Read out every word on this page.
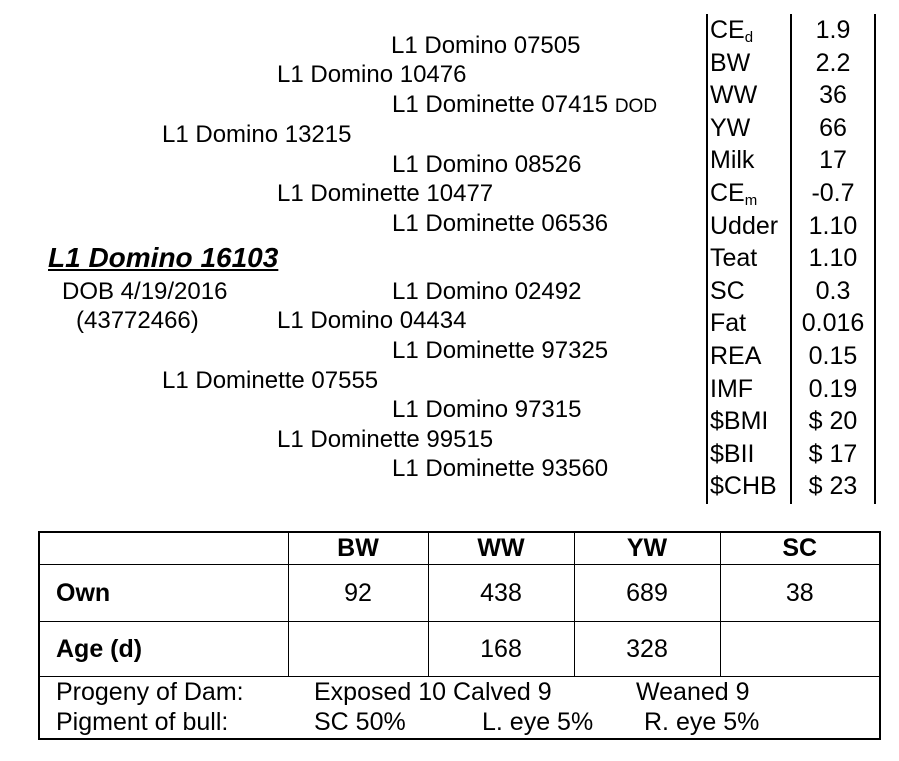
L1 Domino 07505
L1 Domino 10476
L1 Dominette 07415 DOD
L1 Domino 13215
L1 Domino 08526
L1 Dominette 10477
L1 Dominette 06536
L1 Domino 16103
DOB 4/19/2016
(43772466)
L1 Domino 02492
L1 Domino 04434
L1 Dominette 97325
L1 Dominette 07555
L1 Domino 97315
L1 Dominette 99515
L1 Dominette 93560
$CE_d$	1.9
BW	2.2
WW	36
YW	66
Milk	17
$CE_m$	-0.7
Udder	1.10
Teat	1.10
SC	0.3
Fat	0.016
REA	0.15
IMF	0.19
$BMI	$ 20
$BII	$ 17
$CHB	$ 23
	BW	WW	YW	SC
Own	92	438	689	38
Age (d)		168	328	
Progeny of Dam:	Exposed 10 Calved 9	Weaned 9
Pigment of bull:	SC 50%	L. eye 5% R. eye 5%
